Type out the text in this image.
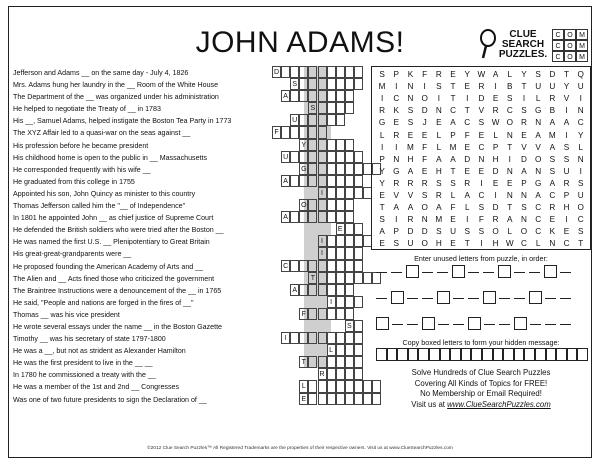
JOHN ADAMS!	CLUE
SEARCH
PUZZLES.
C O M
C O M
C O M
Jefferson and Adams __ on the same day - July 4, 1826
Mrs. Adams hung her laundry in the __ Room of the White House
The Department of the __ was organized under his administration
He helped to negotiate the Treaty of __ in 1783
His __, Samuel Adams, helped instigate the Boston Tea Party in 1773
The XYZ Affair led to a quasi-war on the seas against __
His profession before he became president
His childhood home is open to the public in __ Massachusetts
He corresponded frequently with his wife __
He graduated from this college in 1755
Appointed his son, John Quincy as minister to this country
Thomas Jefferson called him the "__ of Independence"
In 1801 he appointed John __ as chief justice of Supreme Court
He defended the British soldiers who were tried after the Boston __
He was named the first U.S. __ Plenipotentiary to Great Britain
His great-great-grandparents were __
He proposed founding the American Academy of Arts and __
The Alien and __ Acts fined those who criticized the government
The Braintree Instructions were a denouncement of the __ in 1765
He said, "People and nations are forged in the fires of __"
Thomas __ was his vice president
He wrote several essays under the name __ in the Boston Gazette
Timothy __ was his secretary of state 1797-1800
He was a __, but not as strident as Alexander Hamilton
He was the first president to live in the __ __
In 1780 he commissioned a treaty with the __
He was a member of the 1st and 2nd __ Congresses
Was one of two future presidents to sign the Declaration of __
D
S
A
S
U
F
Y
U
G
A
I
O
A
E
I
I
C
T
A
I
F
S
I
L
T
R
L
E
S	P	K	F	R	E	Y W A	L	Y	S	D	T	Q
M	I	N	I	S	T	E	R	I	B	T	U	U	Y	U
I	C	N O	I	T	I	D	E	S	I	L	R	V	I
R	K	S	D	N	C	T	V	R	C	S	G	B	I	N
G	E	S	J	E	A	C	S W O R	N	A	A	C
L	R	E	E	L	P	F	E	L	N	E	A M	I	Y
I	I	M	F	L	M E	C	P	T	V	V	A	S	L
P	N	H	F	A	A	D	N	H	I	D O	S	S	N
Y	G	A	E	H	T	E	E	D	N	A	N	S	U	I
Y	R	R	R	S	S	R	I	E	E	P	G	A	R	S
E	V	V	S	R	L	A	C	I	N	N	A	C	P	U
T	A	A	O	A	F	L	S	D	T	S	C	R	H O
S	I	R	N M E	I	F	R	A	N	C	E	I	C
A	P	D	D	S	U	S	S	O	L	O C	K	E	S
E	S	U O H	E	T	I	H W C	L	N	C	T
Enter unused letters from puzzle, in order:
Copy boxed letters to form your hidden message:
Solve Hundreds of Clue Search Puzzles
Covering All Kinds of Topics for FREE!
No Membership or Email Required!
Visit us at www.ClueSearchPuzzles.com
©2012 Clue Search Puzzles™ All Registered Trademarks are the properties of their respective owners. Visit us at www.ClueSearchPuzzles.com
